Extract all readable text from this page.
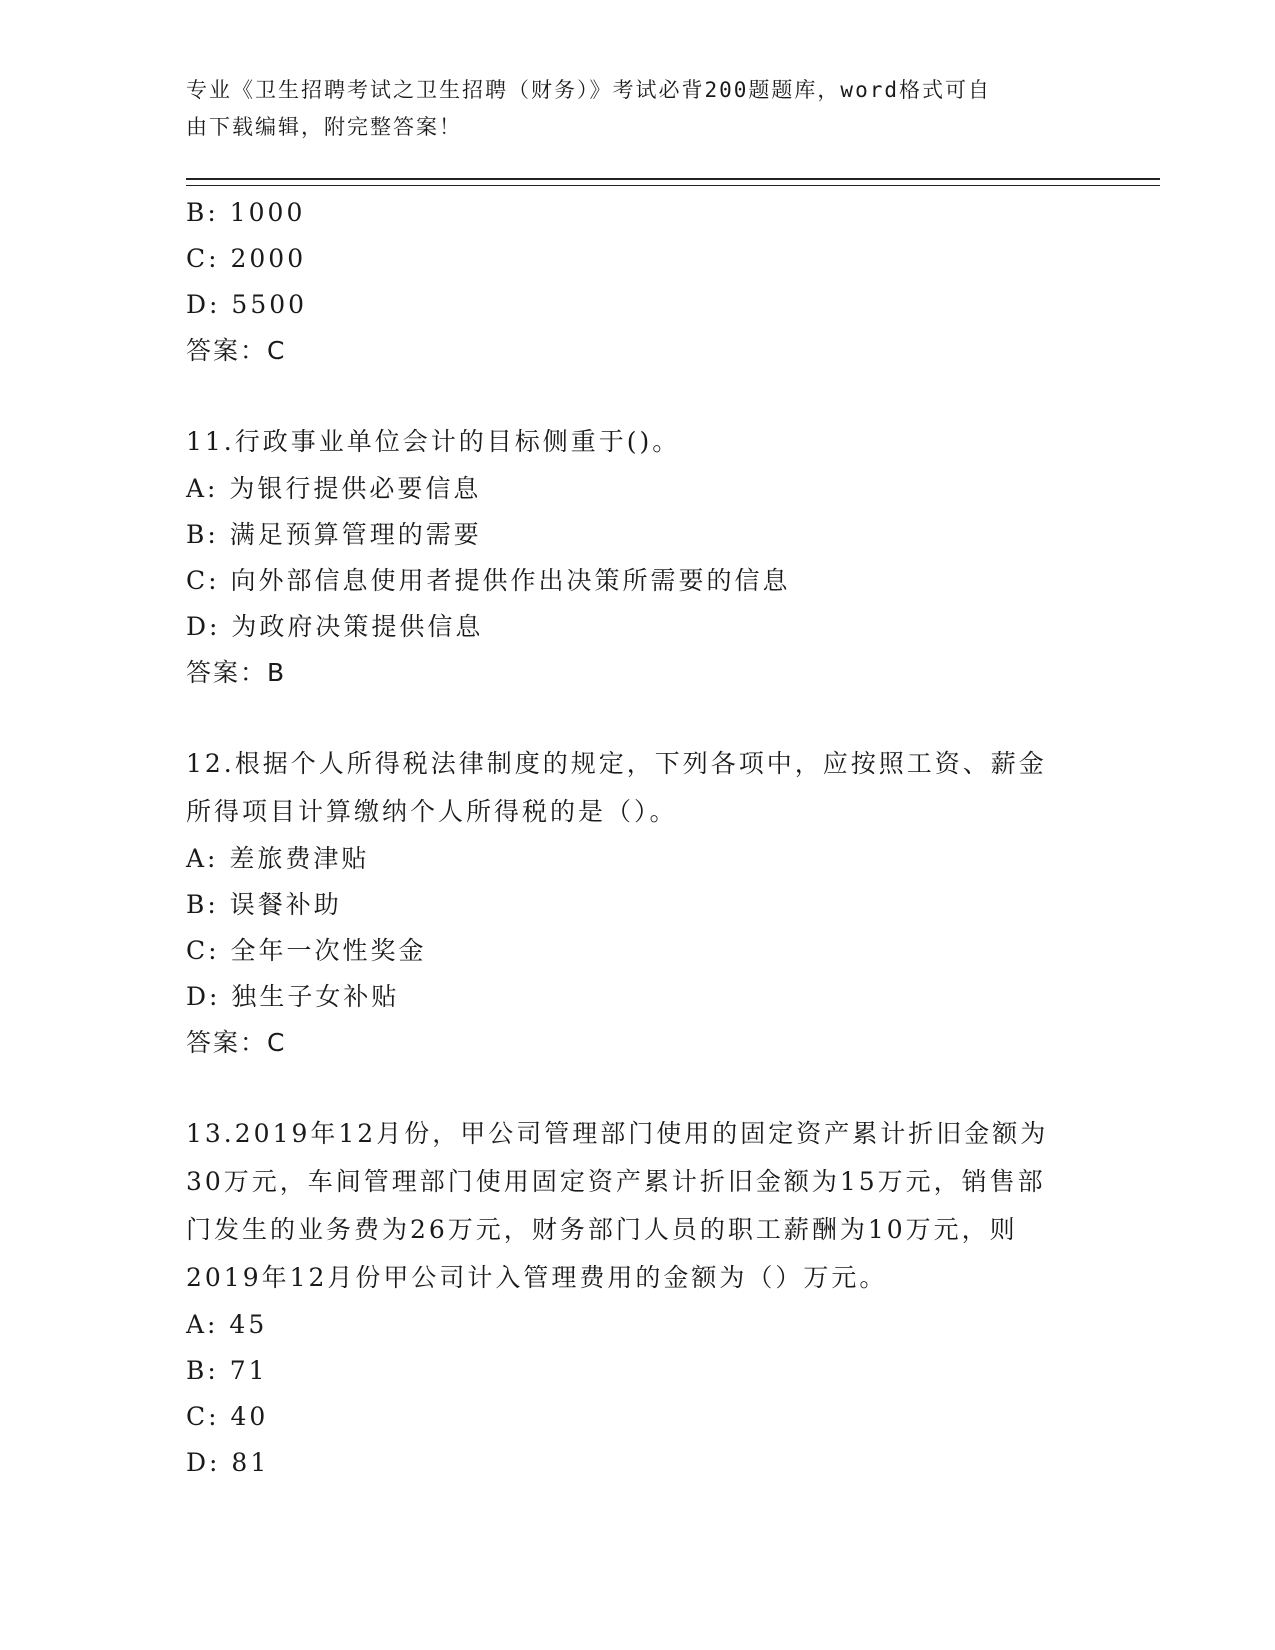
专业《卫生招聘考试之卫生招聘（财务）》考试必背200题题库，word格式可自
由下载编辑，附完整答案！
B: 1000
C: 2000
D: 5500
答案：C
11.行政事业单位会计的目标侧重于()。
A: 为银行提供必要信息
B: 满足预算管理的需要
C: 向外部信息使用者提供作出决策所需要的信息
D: 为政府决策提供信息
答案：B
12.根据个人所得税法律制度的规定，下列各项中，应按照工资、薪金
所得项目计算缴纳个人所得税的是（）。
A: 差旅费津贴
B: 误餐补助
C: 全年一次性奖金
D: 独生子女补贴
答案：C
13.2019年12月份，甲公司管理部门使用的固定资产累计折旧金额为
30万元，车间管理部门使用固定资产累计折旧金额为15万元，销售部
门发生的业务费为26万元，财务部门人员的职工薪酬为10万元，则
2019年12月份甲公司计入管理费用的金额为（）万元。
A: 45
B: 71
C: 40
D: 81
